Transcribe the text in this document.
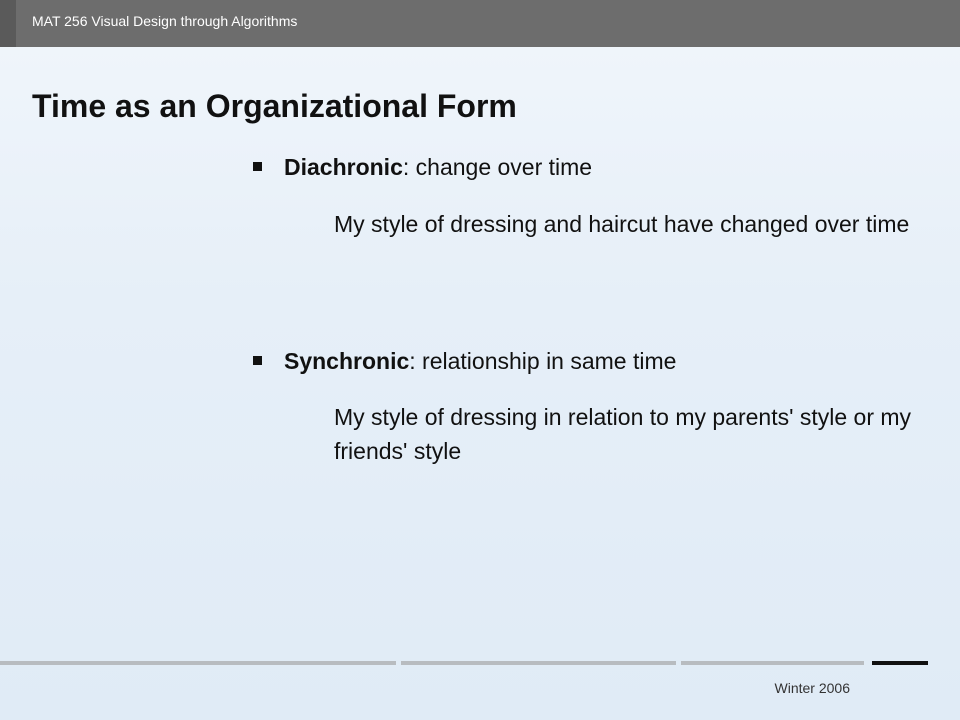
MAT 256 Visual Design through Algorithms
Time as an Organizational Form
Diachronic: change over time
My style of dressing and haircut have changed over time
Synchronic: relationship in same time
My style of dressing in relation to my parents' style or my friends' style
Winter 2006
